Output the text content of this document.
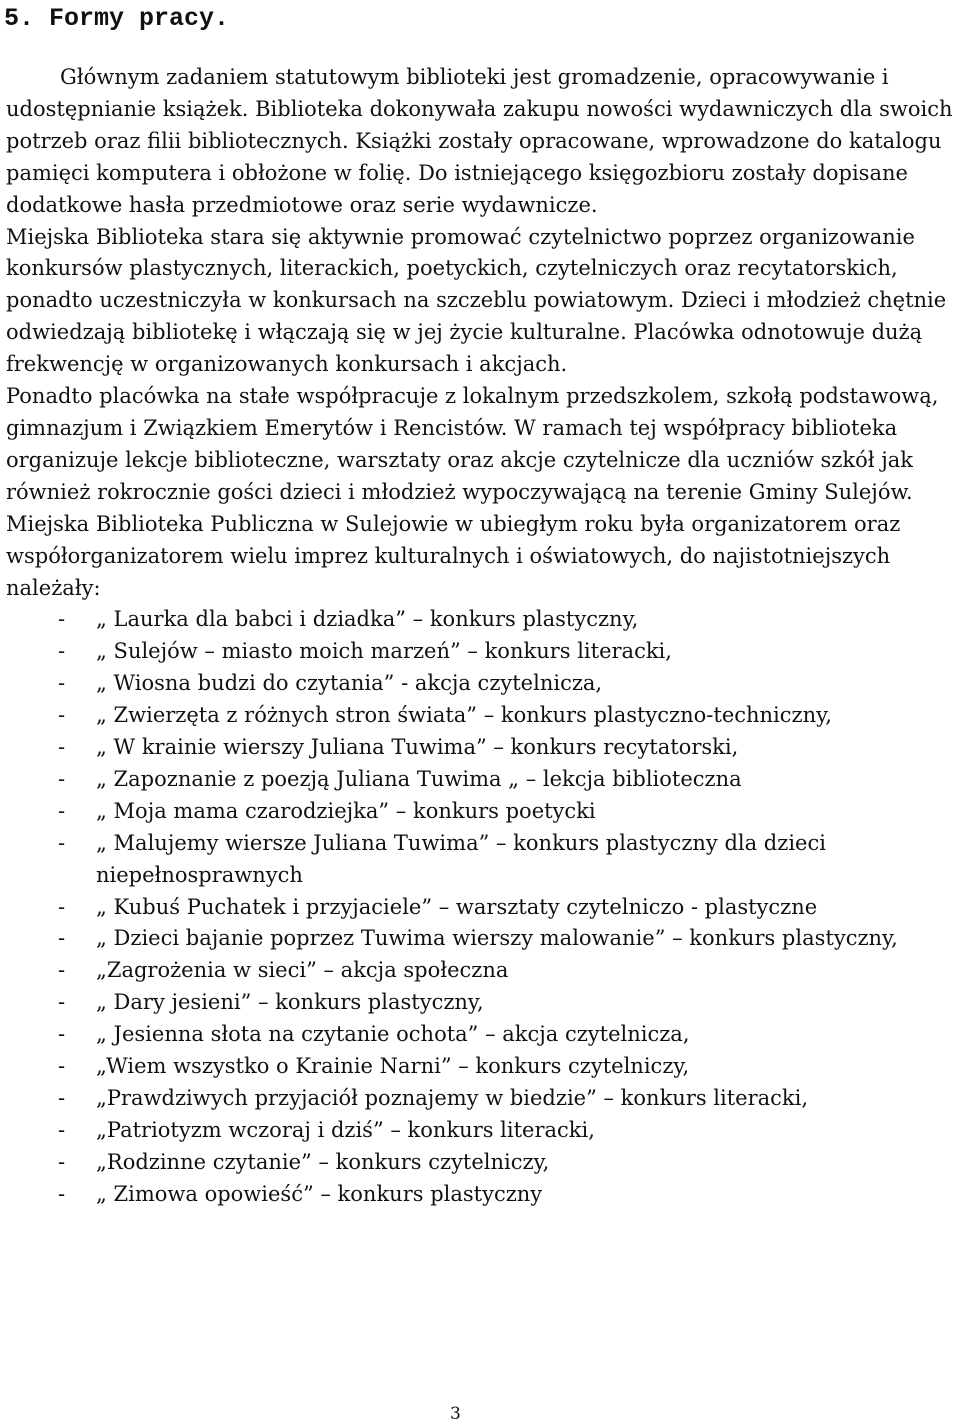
5. Formy pracy.

Głównym zadaniem statutowym biblioteki jest gromadzenie, opracowywanie i udostępnianie książek. Biblioteka dokonywała zakupu nowości wydawniczych dla swoich potrzeb oraz filii bibliotecznych. Książki zostały opracowane, wprowadzone do katalogu pamięci komputera i obłożone w folię. Do istniejącego księgozbioru zostały dopisane dodatkowe hasła przedmiotowe oraz serie wydawnicze.

Miejska Biblioteka stara się aktywnie promować czytelnictwo poprzez organizowanie konkursów plastycznych, literackich, poetyckich, czytelniczych oraz recytatorskich, ponadto uczestniczyła w konkursach na szczeblu powiatowym. Dzieci i młodzież chętnie odwiedzają bibliotekę i włączają się w jej życie kulturalne. Placówka odnotowuje dużą frekwencję w organizowanych konkursach i akcjach.

Ponadto placówka na stałe współpracuje z lokalnym przedszkolem, szkołą podstawową, gimnazjum i Związkiem Emerytów i Rencistów. W ramach tej współpracy biblioteka organizuje lekcje biblioteczne, warsztaty oraz akcje czytelnicze dla uczniów szkół jak również rokrocznie gości dzieci i młodzież wypoczywającą na terenie Gminy Sulejów.

Miejska Biblioteka Publiczna w Sulejowie w ubiegłym roku była organizatorem oraz współorganizatorem wielu imprez kulturalnych i oświatowych, do najistotniejszych należały:

- „ Laurka dla babci i dziadka” – konkurs plastyczny,
- „ Sulejów – miasto moich marzeń” – konkurs literacki,
- „ Wiosna budzi do czytania” - akcja czytelnicza,
- „ Zwierzęta z różnych stron świata” – konkurs plastyczno-techniczny,
- „ W krainie wierszy Juliana Tuwima” – konkurs recytatorski,
- „ Zapoznanie z poezją Juliana Tuwima „ – lekcja biblioteczna
- „ Moja mama czarodziejka” – konkurs poetycki
- „ Malujemy wiersze Juliana Tuwima” – konkurs plastyczny dla dzieci niepełnosprawnych
- „ Kubuś Puchatek i przyjaciele” – warsztaty czytelniczo - plastyczne
- „ Dzieci bajanie poprzez Tuwima wierszy malowanie” – konkurs plastyczny,
- „Zagrożenia w sieci” – akcja społeczna
- „ Dary jesieni” – konkurs plastyczny,
- „ Jesienna słota na czytanie ochota” – akcja czytelnicza,
- „Wiem wszystko o Krainie Narni” – konkurs czytelniczy,
- „Prawdziwych przyjaciół poznajemy w biedzie” – konkurs literacki,
- „Patriotyzm wczoraj i dziś” – konkurs literacki,
- „Rodzinne czytanie” – konkurs czytelniczy,
- „ Zimowa opowieść” – konkurs plastyczny
3
